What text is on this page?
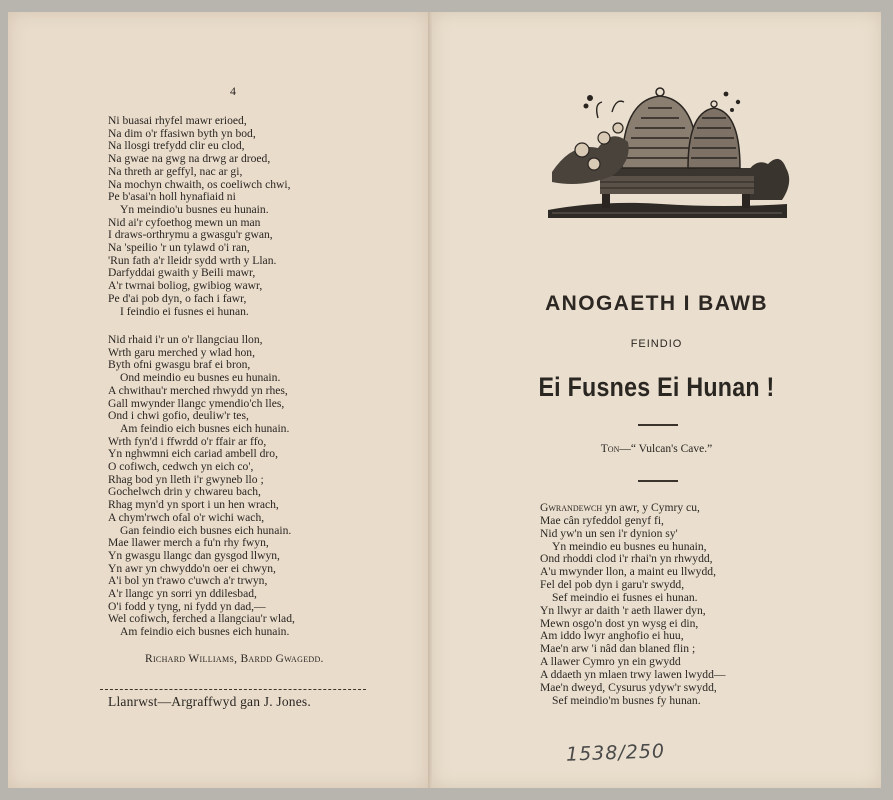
4
Ni buasai rhyfel mawr erioed,
Na dim o'r ffasiwn byth yn bod,
Na llosgi trefydd clir eu clod,
Na gwae na gwg na drwg ar droed,
Na threth ar geffyl, nac ar gi,
Na mochyn chwaith, os coeliwch chwi,
Pe b'asai'n holl hynafiaid ni
Yn meindio'u busnes eu hunain.
Nid ai'r cyfoethog mewn un man
I draws-orthrymu a gwasgu'r gwan,
Na 'speilio 'r un tylawd o'i ran,
'Run fath a'r lleidr sydd wrth y Llan.
Darfyddai gwaith y Beili mawr,
A'r twrnai boliog, gwibiog wawr,
Pe d'ai pob dyn, o fach i fawr,
I feindio ei fusnes ei hunan.
Nid rhaid i'r un o'r llangciau llon,
Wrth garu merched y wlad hon,
Byth ofni gwasgu braf ei bron,
Ond meindio eu busnes eu hunain.
A chwithau'r merched rhwydd yn rhes,
Gall mwynder llangc ymendio'ch lles,
Ond i chwi gofio, deuliw'r tes,
Am feindio eich busnes eich hunain.
Wrth fyn'd i ffwrdd o'r ffair ar ffo,
Yn nghwmni eich cariad ambell dro,
O cofiwch, cedwch yn eich co',
Rhag bod yn lleth i'r gwyneb llo ;
Gochelwch drin y chwareu bach,
Rhag myn'd yn sport i un hen wrach,
A chym'rwch ofal o'r wichi wach,
Gan feindio eich busnes eich hunain.
Mae llawer merch a fu'n rhy fwyn,
Yn gwasgu llangc dan gysgod llwyn,
Yn awr yn chwyddo'n oer ei chwyn,
A'i bol yn t'rawo c'uwch a'r trwyn,
A'r llangc yn sorri yn ddilesbad,
O'i fodd y tyng, ni fydd yn dad,—
Wel cofiwch, ferched a llangciau'r wlad,
Am feindio eich busnes eich hunain.
Richard Williams, Bardd Gwagedd.
Llanrwst—Argraffwyd gan J. Jones.
ANOGAETH I BAWB
FEINDIO
Ei Fusnes Ei Hunan !
Ton—“ Vulcan's Cave.”
Gwrandewch yn awr, y Cymry cu,
Mae cân ryfeddol genyf fi,
Nid yw'n un sen i'r dynion sy'
Yn meindio eu busnes eu hunain,
Ond rhoddi clod i'r rhai'n yn rhwydd,
A'u mwynder llon, a maint eu llwydd,
Fel del pob dyn i garu'r swydd,
Sef meindio ei fusnes ei hunan.
Yn llwyr ar daith 'r aeth llawer dyn,
Mewn osgo'n dost yn wysg ei din,
Am iddo lwyr anghofio ei huu,
Mae'n arw 'i nâd dan blaned flin ;
A llawer Cymro yn ein gwydd
A ddaeth yn mlaen trwy lawen lwydd—
Mae'n dweyd, Cysurus ydyw'r swydd,
Sef meindio'm busnes fy hunan.
1538/250
